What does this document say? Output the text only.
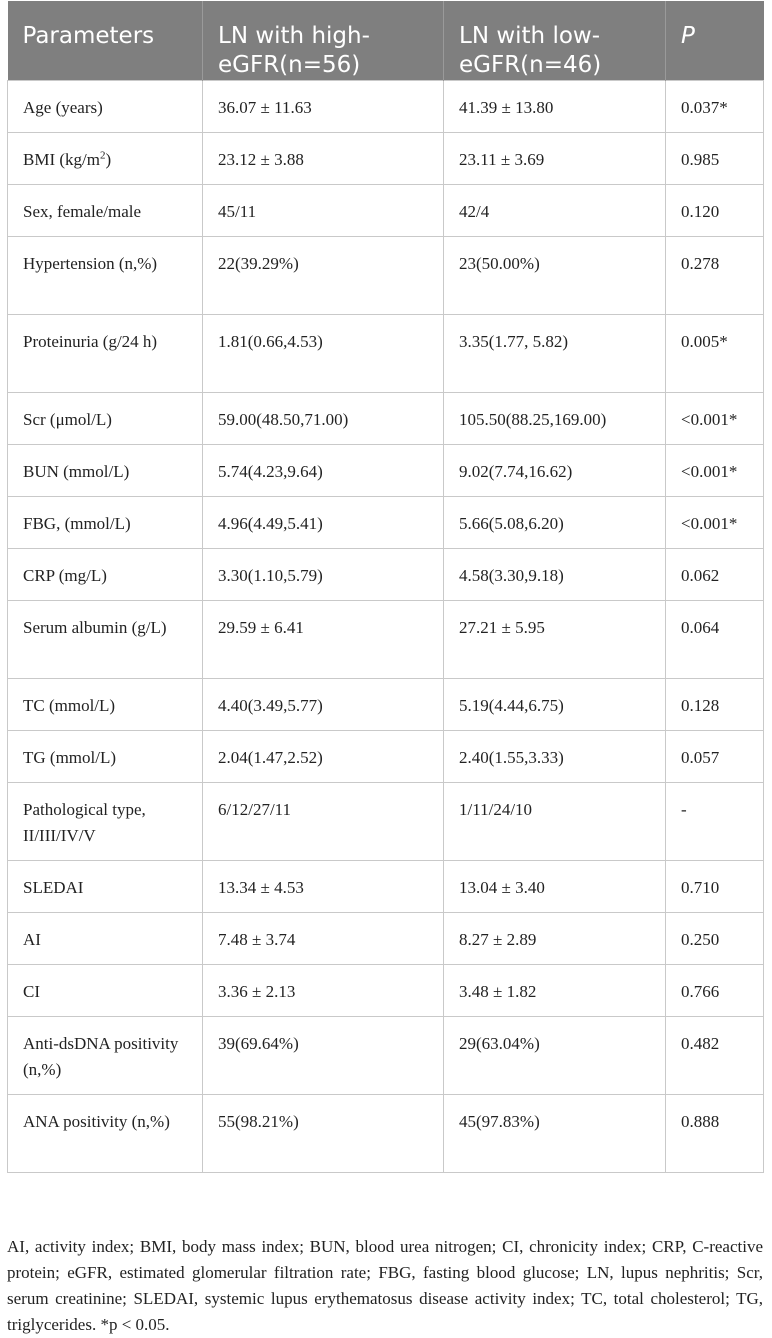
Parameters	LN with high-eGFR(n=56)	LN with low-eGFR(n=46)	P
Age (years)	36.07 ± 11.63	41.39 ± 13.80	0.037*
BMI $(kg/m^2)$	23.12 ± 3.88	23.11 ± 3.69	0.985
Sex, female/male	45/11	42/4	0.120
Hypertension (n,%)	22(39.29%)	23(50.00%)	0.278
Proteinuria (g/24 h)	1.81(0.66,4.53)	3.35(1.77, 5.82)	0.005*
Scr (μmol/L)	59.00(48.50,71.00)	105.50(88.25,169.00)	<0.001*
BUN (mmol/L)	5.74(4.23,9.64)	9.02(7.74,16.62)	<0.001*
FBG, (mmol/L)	4.96(4.49,5.41)	5.66(5.08,6.20)	<0.001*
CRP (mg/L)	3.30(1.10,5.79)	4.58(3.30,9.18)	0.062
Serum albumin (g/L)	29.59 ± 6.41	27.21 ± 5.95	0.064
TC (mmol/L)	4.40(3.49,5.77)	5.19(4.44,6.75)	0.128
TG (mmol/L)	2.04(1.47,2.52)	2.40(1.55,3.33)	0.057
Pathological type, II/III/IV/V	6/12/27/11	1/11/24/10	-
SLEDAI	13.34 ± 4.53	13.04 ± 3.40	0.710
AI	7.48 ± 3.74	8.27 ± 2.89	0.250
CI	3.36 ± 2.13	3.48 ± 1.82	0.766
Anti-dsDNA positivity (n,%)	39(69.64%)	29(63.04%)	0.482
ANA positivity (n,%)	55(98.21%)	45(97.83%)	0.888

AI, activity index; BMI, body mass index; BUN, blood urea nitrogen; CI, chronicity index; CRP, C-reactive protein; eGFR, estimated glomerular filtration rate; FBG, fasting blood glucose; LN, lupus nephritis; Scr, serum creatinine; SLEDAI, systemic lupus erythematosus disease activity index; TC, total cholesterol; TG, triglycerides. *p < 0.05.
